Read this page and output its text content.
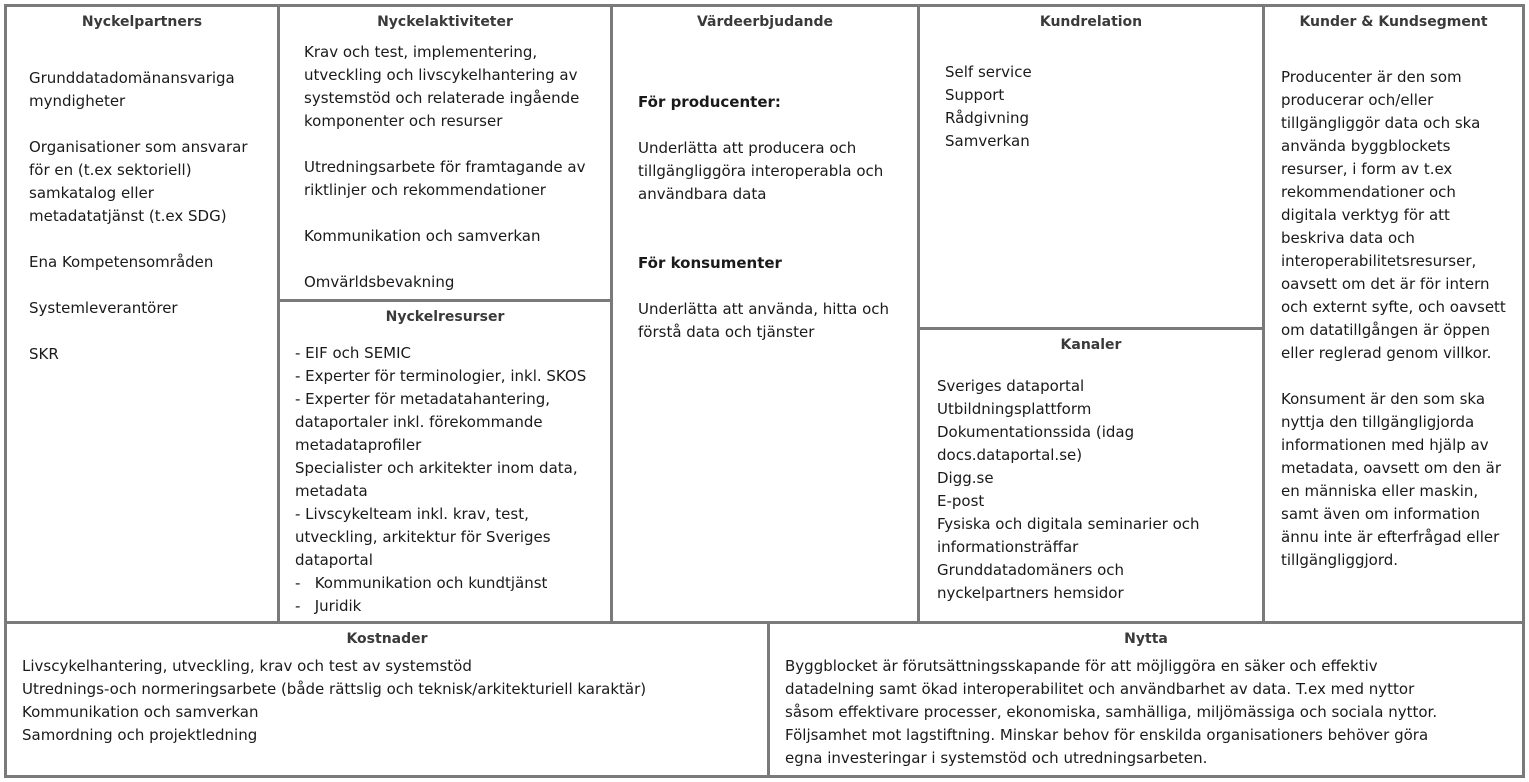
Nyckelpartners
Grunddatadomänansvariga myndigheter
Organisationer som ansvarar för en (t.ex sektoriell) samkatalog eller metadatatjänst (t.ex SDG)
Ena Kompetensområden
Systemleverantörer
SKR
Nyckelaktiviteter
Krav och test, implementering, utveckling och livscykelhantering av systemstöd och relaterade ingående komponenter och resurser
Utredningsarbete för framtagande av riktlinjer och rekommendationer
Kommunikation och samverkan
Omvärldsbevakning
Nyckelresurser
- EIF och SEMIC
- Experter för terminologier, inkl. SKOS
- Experter för metadatahantering, dataportaler inkl. förekommande metadataprofiler
Specialister och arkitekter inom data, metadata
- Livscykelteam inkl. krav, test, utveckling, arkitektur för Sveriges dataportal
-   Kommunikation och kundtjänst
-   Juridik
Värdeerbjudande
För producenter:
Underlätta att producera och tillgängliggöra interoperabla och användbara data
För konsumenter
Underlätta att använda, hitta och förstå data och tjänster
Kundrelation
Self service
Support
Rådgivning
Samverkan
Kanaler
Sveriges dataportal
Utbildningsplattform
Dokumentationssida (idag docs.dataportal.se)
Digg.se
E-post
Fysiska och digitala seminarier och informationsträffar
Grunddatadomäners och nyckelpartners hemsidor
Kunder & Kundsegment
Producenter är den som producerar och/eller tillgängliggör data och ska använda byggblockets resurser, i form av t.ex rekommendationer och digitala verktyg för att beskriva data och interoperabilitetsresurser, oavsett om det är för intern och externt syfte, och oavsett om datatillgången är öppen eller reglerad genom villkor.
Konsument är den som ska nyttja den tillgängligjorda informationen med hjälp av metadata, oavsett om den är en människa eller maskin, samt även om information ännu inte är efterfrågad eller tillgängliggjord.
Kostnader
Livscykelhantering, utveckling, krav och test av systemstöd
Utrednings-och normeringsarbete (både rättslig och teknisk/arkitekturiell karaktär)
Kommunikation och samverkan
Samordning och projektledning
Nytta
Byggblocket är förutsättningsskapande för att möjliggöra en säker och effektiv datadelning samt ökad interoperabilitet och användbarhet av data. T.ex med nyttor såsom effektivare processer, ekonomiska, samhälliga, miljömässiga och sociala nyttor.
Följsamhet mot lagstiftning. Minskar behov för enskilda organisationers behöver göra egna investeringar i systemstöd och utredningsarbeten.
